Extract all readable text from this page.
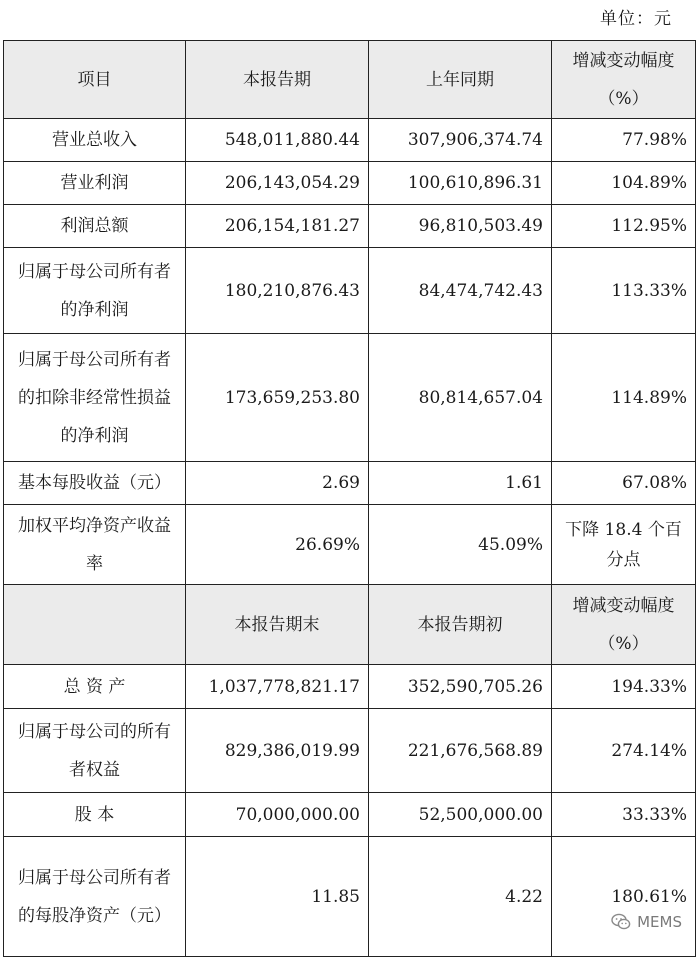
单位：元
项目	本报告期	上年同期	增减变动幅度
（%）

营业总收入	548,011,880.44	307,906,374.74	77.98%
营业利润	206,143,054.29	100,610,896.31	104.89%
利润总额	206,154,181.27	96,810,503.49	112.95%
归属于母公司所有者的净利润	180,210,876.43	84,474,742.43	113.33%
归属于母公司所有者的扣除非经常性损益的净利润	173,659,253.80	80,814,657.04	114.89%
基本每股收益（元）	2.69	1.61	67.08%
加权平均净资产收益率	26.69%	45.09%	下降 18.4 个百分点
	本报告期末	本报告期初	增减变动幅度
（%）

总 资 产	1,037,778,821.17	352,590,705.26	194.33%
归属于母公司的所有者权益	829,386,019.99	221,676,568.89	274.14%
股 本	70,000,000.00	52,500,000.00	33.33%
归属于母公司所有者的每股净资产（元）	11.85	4.22	180.61%
MEMS
